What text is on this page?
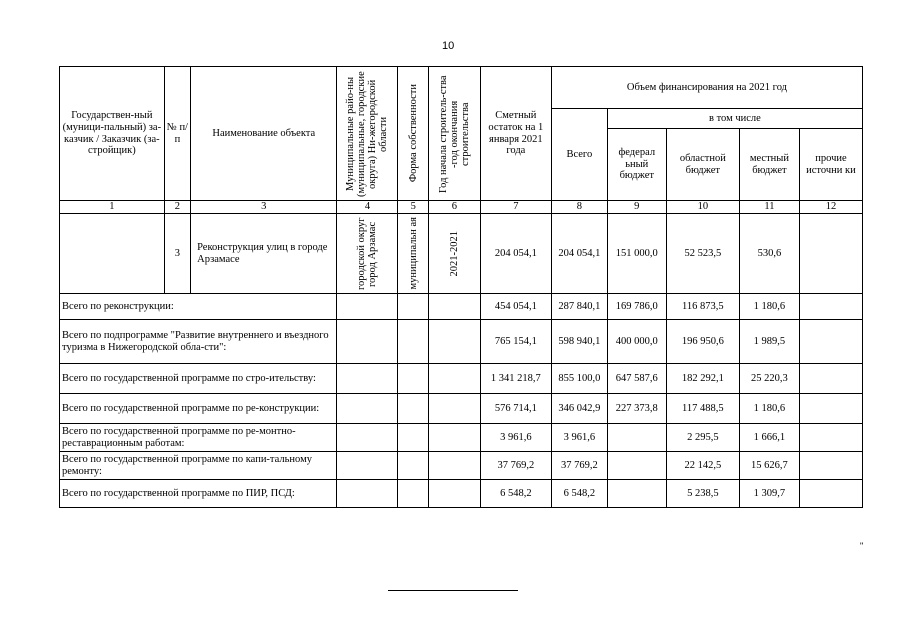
10
Государствен-ный (муници-пальный) за-казчик / Заказчик (за-стройщик)	№ п/п	Наименование объекта	Муниципальные райо-ны (муниципальные, городские округа) Ни-жегородской области	Форма собственности	Год начала строитель-ства -год окончания строительства	Сметный остаток на 1 января 2021 года	Объем финансирования на 2021 год				
							Всего	в том числе			
								федерал ьный бюджет	областной бюджет	местный бюджет	прочие источни ки
1	2	3	4	5	6	7	8	9	10	11	12
	3	Реконструкция улиц в городе Арзамасе	городской округ город Арзамас	муниципальн ая	2021-2021	204 054,1	204 054,1	151 000,0	52 523,5	530,6	
Всего по реконструкции:						454 054,1	287 840,1	169 786,0	116 873,5	1 180,6	
Всего по подпрограмме "Развитие внутреннего и въездного туризма в Нижегородской обла-сти":						765 154,1	598 940,1	400 000,0	196 950,6	1 989,5	
Всего по государственной программе по стро-ительству:						1 341 218,7	855 100,0	647 587,6	182 292,1	25 220,3	
Всего по государственной программе по ре-конструкции:						576 714,1	346 042,9	227 373,8	117 488,5	1 180,6	
Всего по государственной программе по ре-монтно-реставрационным работам:						3 961,6	3 961,6		2 295,5	1 666,1	
Всего по государственной программе по капи-тальному ремонту:						37 769,2	37 769,2		22 142,5	15 626,7	
Всего по государственной программе по ПИР, ПСД:						6 548,2	6 548,2		5 238,5	1 309,7	
"
